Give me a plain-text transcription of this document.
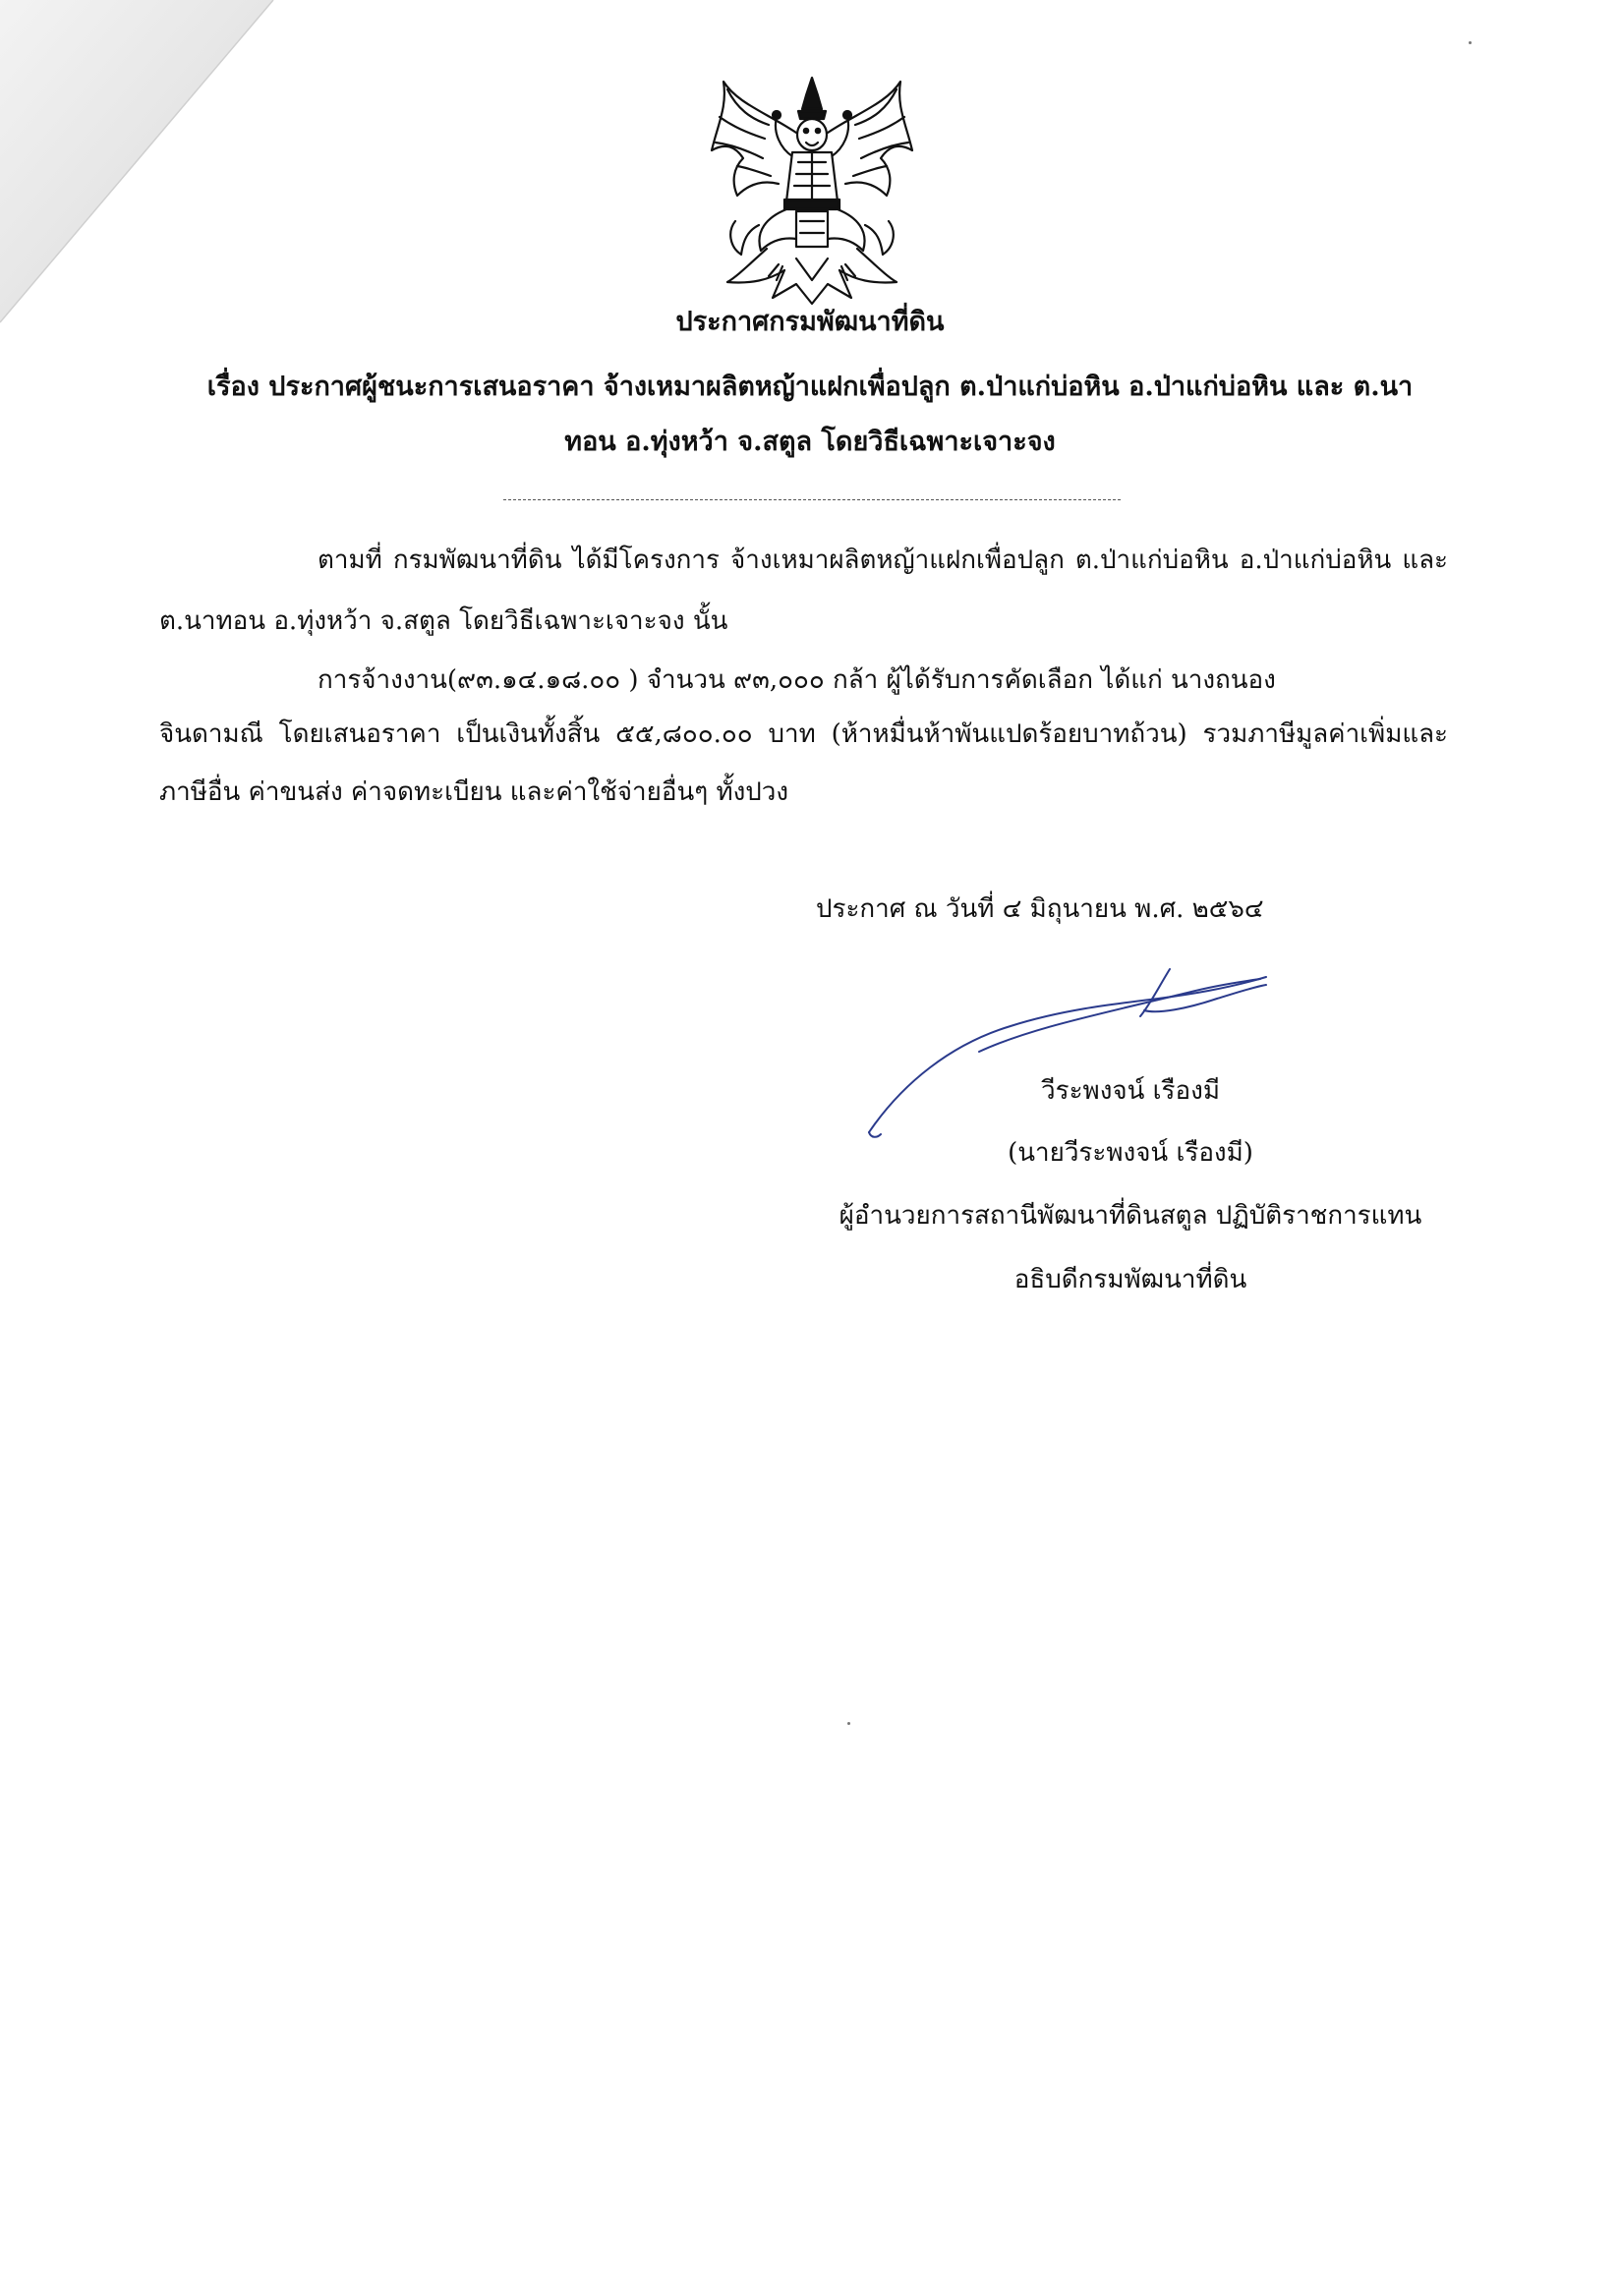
ประกาศกรมพัฒนาที่ดิน
เรื่อง ประกาศผู้ชนะการเสนอราคา จ้างเหมาผลิตหญ้าแฝกเพื่อปลูก ต.ป่าแก่บ่อหิน อ.ป่าแก่บ่อหิน และ ต.นา
ทอน อ.ทุ่งหว้า จ.สตูล โดยวิธีเฉพาะเจาะจง
ตามที่ กรมพัฒนาที่ดิน ได้มีโครงการ จ้างเหมาผลิตหญ้าแฝกเพื่อปลูก ต.ป่าแก่บ่อหิน อ.ป่าแก่บ่อหิน และ
ต.นาทอน อ.ทุ่งหว้า จ.สตูล โดยวิธีเฉพาะเจาะจง นั้น
การจ้างงาน(๙๓.๑๔.๑๘.๐๐ ) จำนวน ๙๓,๐๐๐ กล้า ผู้ได้รับการคัดเลือก ได้แก่ นางถนอง
จินดามณี โดยเสนอราคา เป็นเงินทั้งสิ้น ๕๕,๘๐๐.๐๐ บาท (ห้าหมื่นห้าพันแปดร้อยบาทถ้วน) รวมภาษีมูลค่าเพิ่มและ
ภาษีอื่น ค่าขนส่ง ค่าจดทะเบียน และค่าใช้จ่ายอื่นๆ ทั้งปวง
ประกาศ ณ วันที่ ๔ มิถุนายน พ.ศ. ๒๕๖๔
วีระพงจน์ เรืองมี
(นายวีระพงจน์ เรืองมี)
ผู้อำนวยการสถานีพัฒนาที่ดินสตูล ปฏิบัติราชการแทน
อธิบดีกรมพัฒนาที่ดิน
